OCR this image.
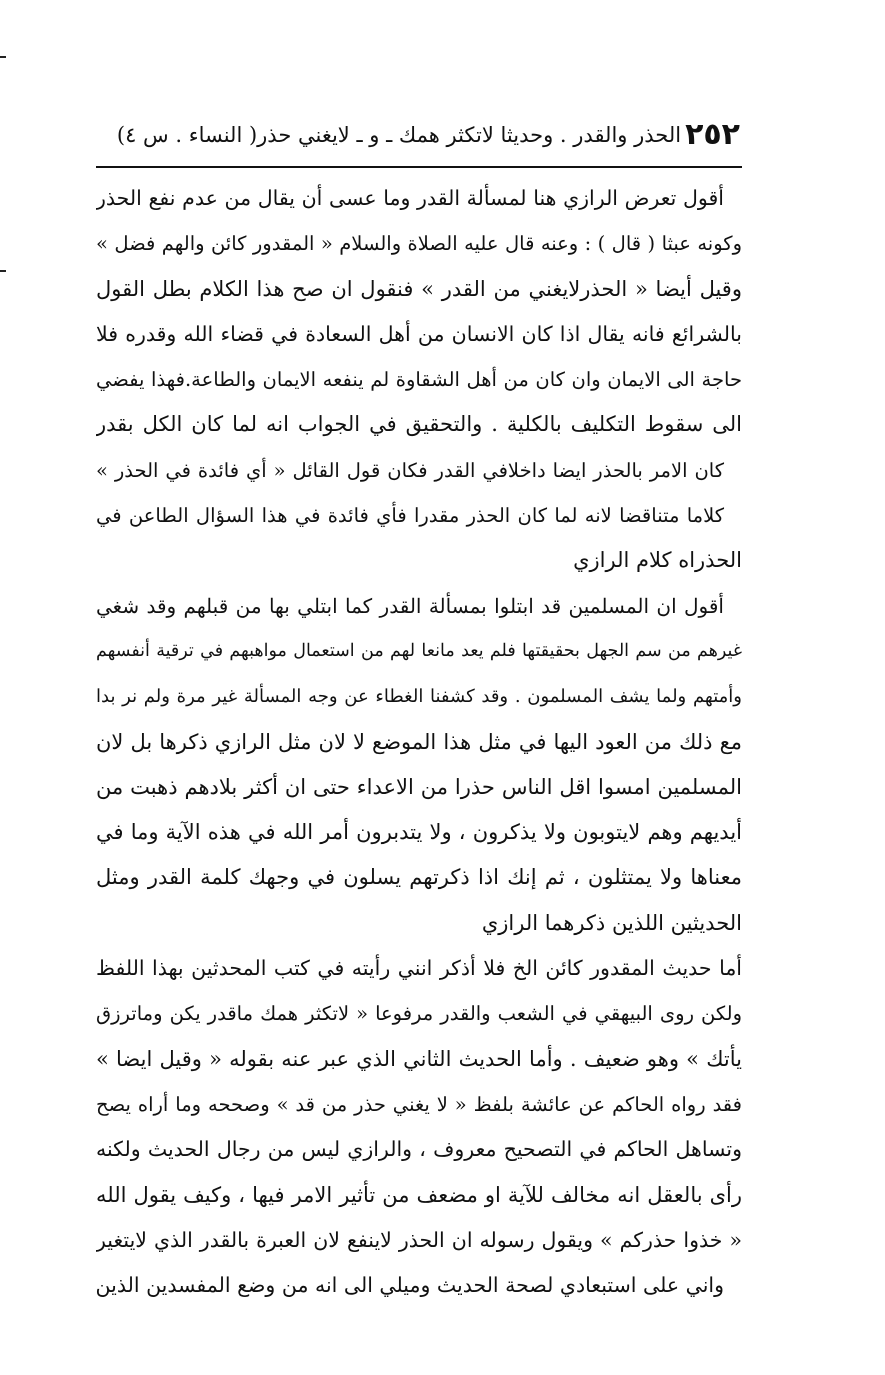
٢٥٢
الحذر والقدر . وحديثا لاتكثر همك ـ و ـ لايغني حذر( النساء . س ٤)
أقول تعرض الرازي هنا لمسألة القدر وما عسى أن يقال من عدم نفع الحذر
وكونه عبثا ( قال ) : وعنه قال عليه الصلاة والسلام « المقدور كائن والهم فضل »
وقيل أيضا « الحذرلايغني من القدر » فنقول ان صح هذا الكلام بطل القول
بالشرائع فانه يقال اذا كان الانسان من أهل السعادة في قضاء الله وقدره فلا
حاجة الى الايمان وان كان من أهل الشقاوة لم ينفعه الايمان والطاعة.فهذا يفضي
الى سقوط التكليف بالكلية . والتحقيق في الجواب انه لما كان الكل بقدر
كان الامر بالحذر ايضا داخلافي القدر فكان قول القائل « أي فائدة في الحذر »
كلاما متناقضا لانه لما كان الحذر مقدرا فأي فائدة في هذا السؤال الطاعن في
الحذراه كلام الرازي
أقول ان المسلمين قد ابتلوا بمسألة القدر كما ابتلي بها من قبلهم وقد شغي
غيرهم من سم الجهل بحقيقتها فلم يعد مانعا لهم من استعمال مواهبهم في ترقية أنفسهم
وأمتهم ولما يشف المسلمون . وقد كشفنا الغطاء عن وجه المسألة غير مرة ولم نر بدا
مع ذلك من العود اليها في مثل هذا الموضع لا لان مثل الرازي ذكرها بل لان
المسلمين امسوا اقل الناس حذرا من الاعداء حتى ان أكثر بلادهم ذهبت من
أيديهم وهم لايتوبون ولا يذكرون ، ولا يتدبرون أمر الله في هذه الآية وما في
معناها ولا يمتثلون ، ثم إنك اذا ذكرتهم يسلون في وجهك كلمة القدر ومثل
الحديثين اللذين ذكرهما الرازي
أما حديث المقدور كائن الخ فلا أذكر انني رأيته في كتب المحدثين بهذا اللفظ
ولكن روى البيهقي في الشعب والقدر مرفوعا « لاتكثر همك ماقدر يكن وماترزق
يأتك » وهو ضعيف . وأما الحديث الثاني الذي عبر عنه بقوله « وقيل ايضا »
فقد رواه الحاكم عن عائشة بلفظ « لا يغني حذر من قد » وصححه وما أراه يصح
وتساهل الحاكم في التصحيح معروف ، والرازي ليس من رجال الحديث ولكنه
رأى بالعقل انه مخالف للآية او مضعف من تأثير الامر فيها ، وكيف يقول الله
« خذوا حذركم » ويقول رسوله ان الحذر لاينفع لان العبرة بالقدر الذي لايتغير
واني على استبعادي لصحة الحديث وميلي الى انه من وضع المفسدين الذين
